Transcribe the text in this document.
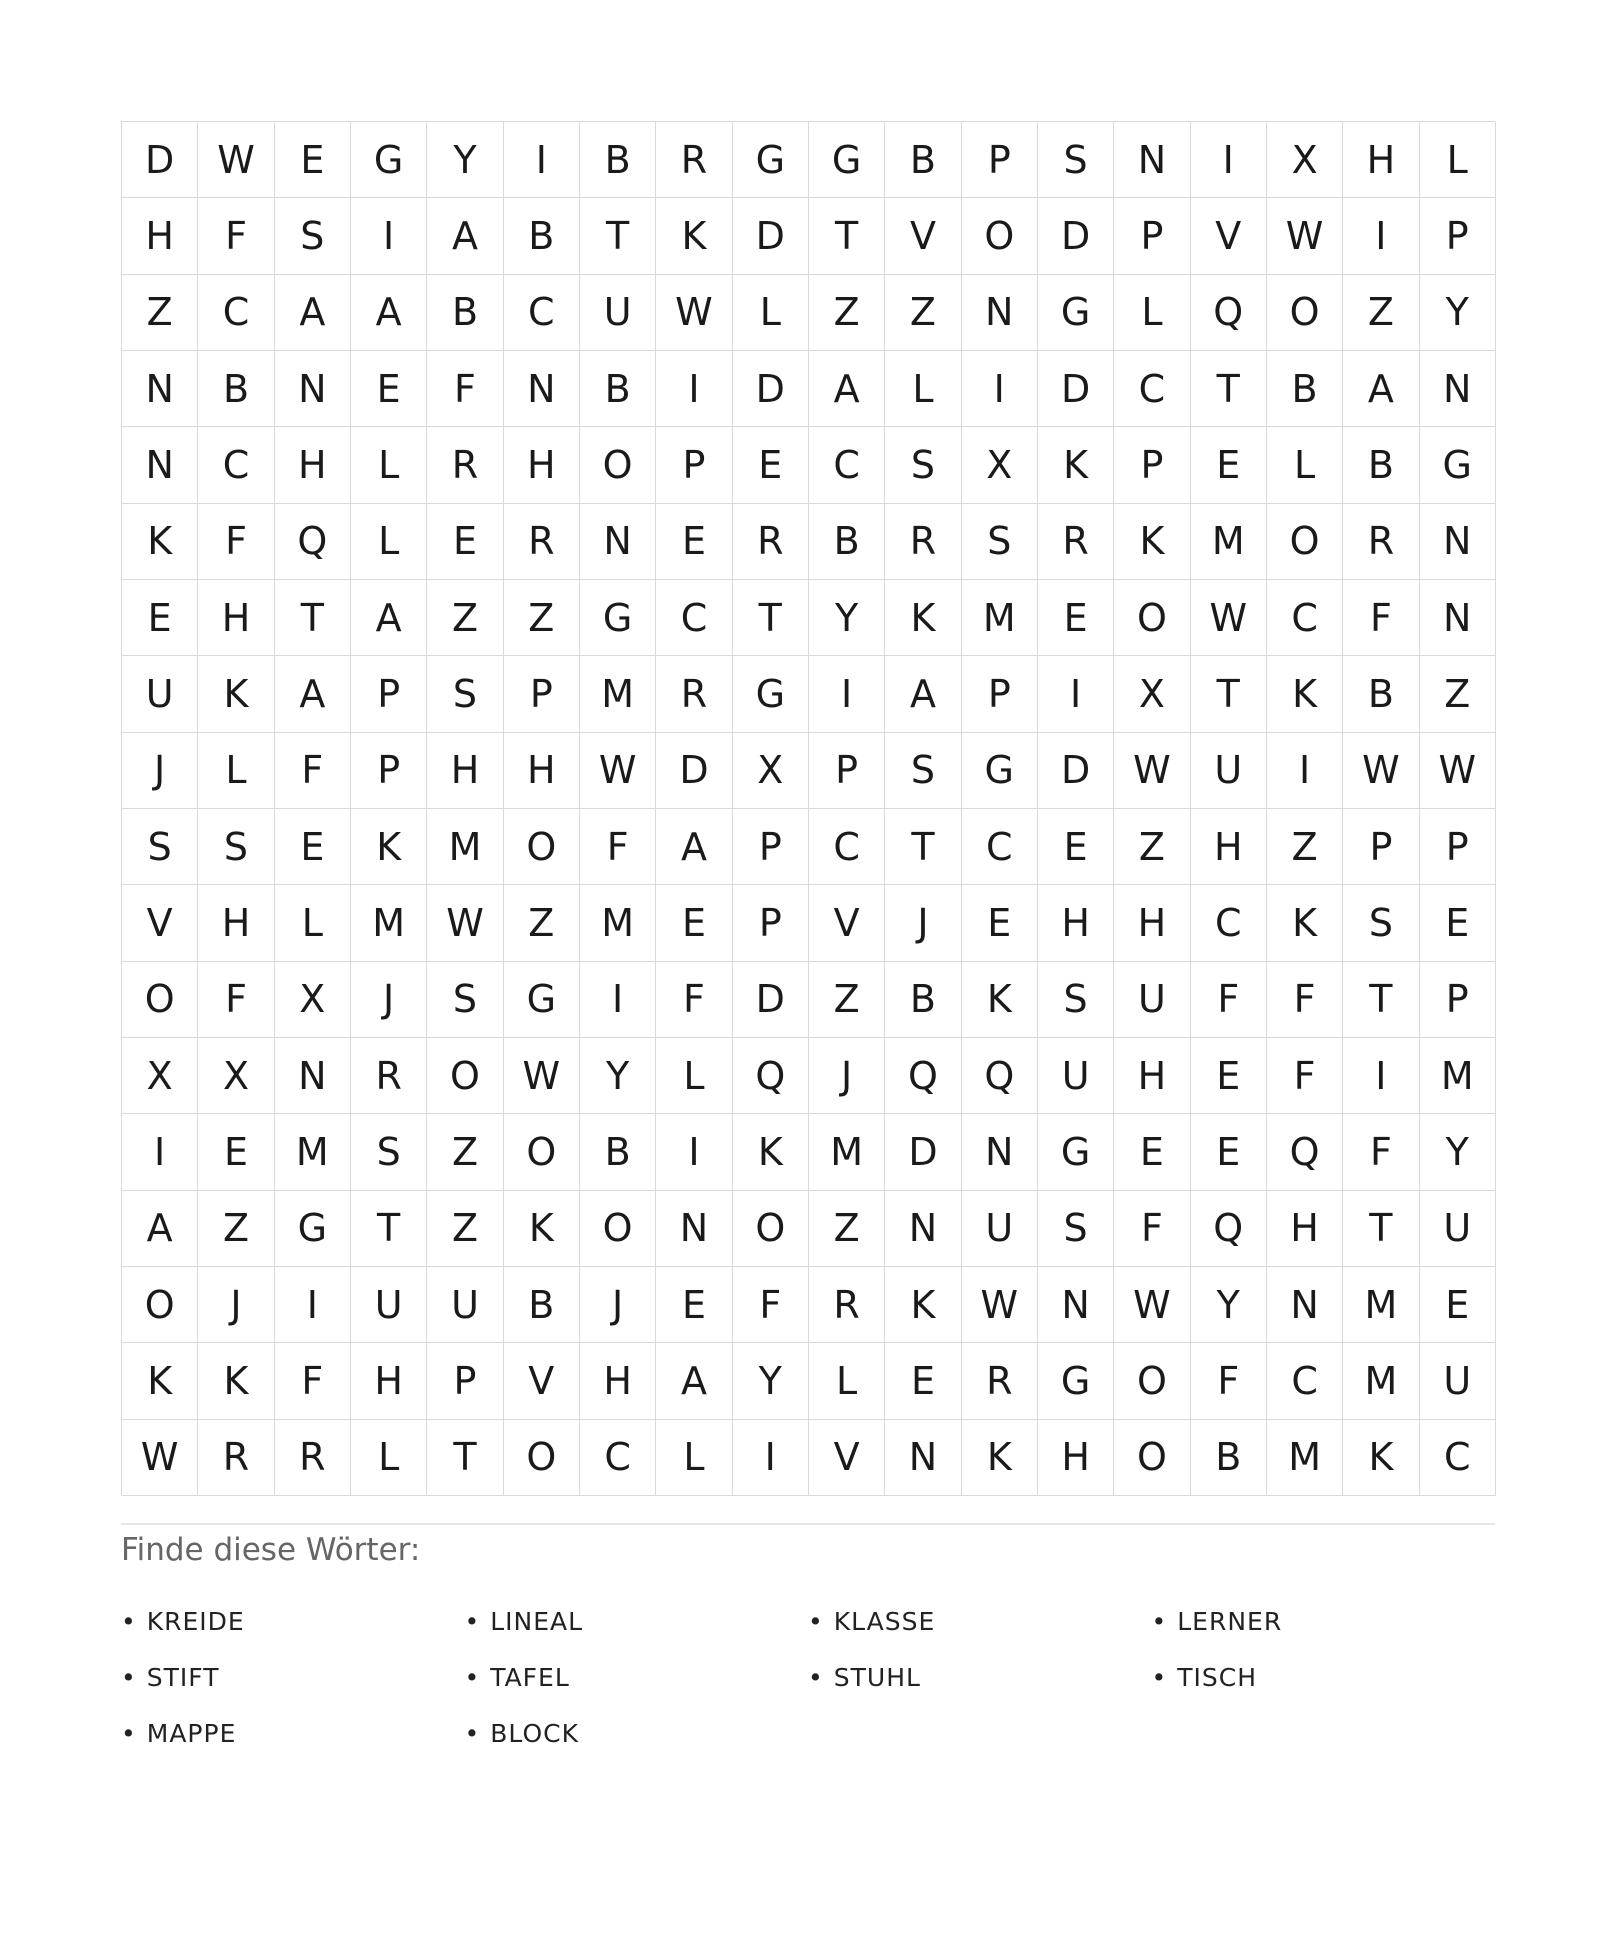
D	W	E	G	Y	I	B	R	G	G	B	P	S	N	I	X	H	L
H	F	S	I	A	B	T	K	D	T	V	O	D	P	V	W	I	P
Z	C	A	A	B	C	U	W	L	Z	Z	N	G	L	Q	O	Z	Y
N	B	N	E	F	N	B	I	D	A	L	I	D	C	T	B	A	N
N	C	H	L	R	H	O	P	E	C	S	X	K	P	E	L	B	G
K	F	Q	L	E	R	N	E	R	B	R	S	R	K	M	O	R	N
E	H	T	A	Z	Z	G	C	T	Y	K	M	E	O	W	C	F	N
U	K	A	P	S	P	M	R	G	I	A	P	I	X	T	K	B	Z
J	L	F	P	H	H	W	D	X	P	S	G	D	W	U	I	W	W
S	S	E	K	M	O	F	A	P	C	T	C	E	Z	H	Z	P	P
V	H	L	M	W	Z	M	E	P	V	J	E	H	H	C	K	S	E
O	F	X	J	S	G	I	F	D	Z	B	K	S	U	F	F	T	P
X	X	N	R	O	W	Y	L	Q	J	Q	Q	U	H	E	F	I	M
I	E	M	S	Z	O	B	I	K	M	D	N	G	E	E	Q	F	Y
A	Z	G	T	Z	K	O	N	O	Z	N	U	S	F	Q	H	T	U
O	J	I	U	U	B	J	E	F	R	K	W	N	W	Y	N	M	E
K	K	F	H	P	V	H	A	Y	L	E	R	G	O	F	C	M	U
W	R	R	L	T	O	C	L	I	V	N	K	H	O	B	M	K	C

Finde diese Wörter:

• KREIDE	• LINEAL	• KLASSE	• LERNER
• STIFT	• TAFEL	• STUHL	• TISCH
• MAPPE	• BLOCK
